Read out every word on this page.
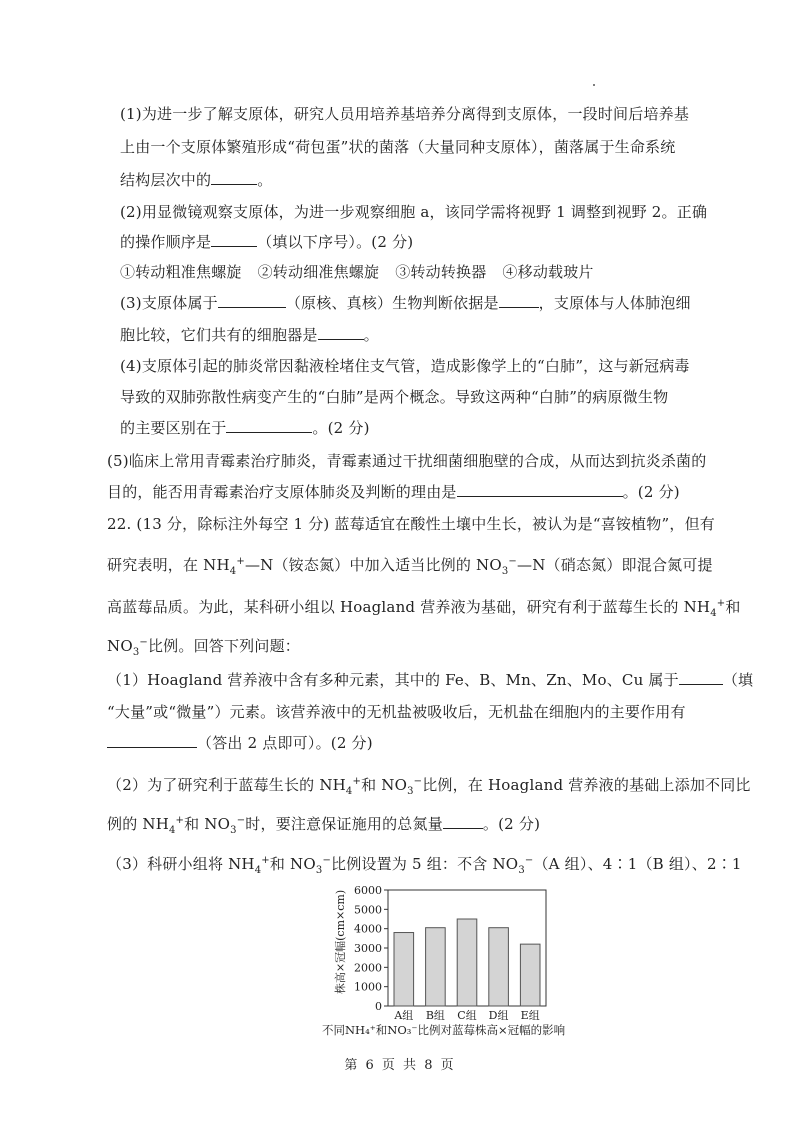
(1)为进一步了解支原体，研究人员用培养基培养分离得到支原体，一段时间后培养基
上由一个支原体繁殖形成“荷包蛋”状的菌落（大量同种支原体），菌落属于生命系统
结构层次中的	。
(2)用显微镜观察支原体，为进一步观察细胞 a，该同学需将视野 1 调整到视野 2。正确
的操作顺序是	（填以下序号）。(2 分)
①转动粗准焦螺旋 ②转动细准焦螺旋 ③转动转换器 ④移动载玻片
(3)支原体属于	（原核、真核）生物判断依据是	，支原体与人体肺泡细
胞比较，它们共有的细胞器是	。
(4)支原体引起的肺炎常因黏液栓堵住支气管，造成影像学上的“白肺”，这与新冠病毒
导致的双肺弥散性病变产生的“白肺”是两个概念。导致这两种“白肺”的病原微生物
的主要区别在于	。(2 分)
(5)临床上常用青霉素治疗肺炎，青霉素通过干扰细菌细胞壁的合成，从而达到抗炎杀菌的
目的，能否用青霉素治疗支原体肺炎及判断的理由是	。(2 分)
22. (13 分，除标注外每空 1 分) 蓝莓适宜在酸性土壤中生长，被认为是“喜铵植物”，但有
研究表明，在 $NH_4^+—N$（铵态氮）中加入适当比例的 $NO_3^-—N$（硝态氮）即混合氮可提
高蓝莓品质。为此，某科研小组以 Hoagland 营养液为基础，研究有利于蓝莓生长的 $NH_4^+$和
$NO_3^-$比例。回答下列问题：
（1）Hoagland 营养液中含有多种元素，其中的 Fe、B、Mn、Zn、Mo、Cu 属于	（填
“大量”或“微量”）元素。该营养液中的无机盐被吸收后，无机盐在细胞内的主要作用有
（答出 2 点即可）。(2 分)
（2）为了研究利于蓝莓生长的 $NH_4^+$和 $NO_3^-$比例，在 Hoagland 营养液的基础上添加不同比
例的 $NH_4^+$和 $NO_3^-$时，要注意保证施用的总氮量	。(2 分)
（3）科研小组将 $NH_4^+$和 $NO_3^-$比例设置为 5 组：不含 $NO_3^-(A$ 组）、4∶1（B 组）、2∶1
0
1000
2000
3000
4000
5000
6000
A组 B组 C组 D组 E组
株高×冠幅(cm×cm)
不同NH₄⁺和NO₃⁻比例对蓝莓株高×冠幅的影响
第 6 页 共 8 页
